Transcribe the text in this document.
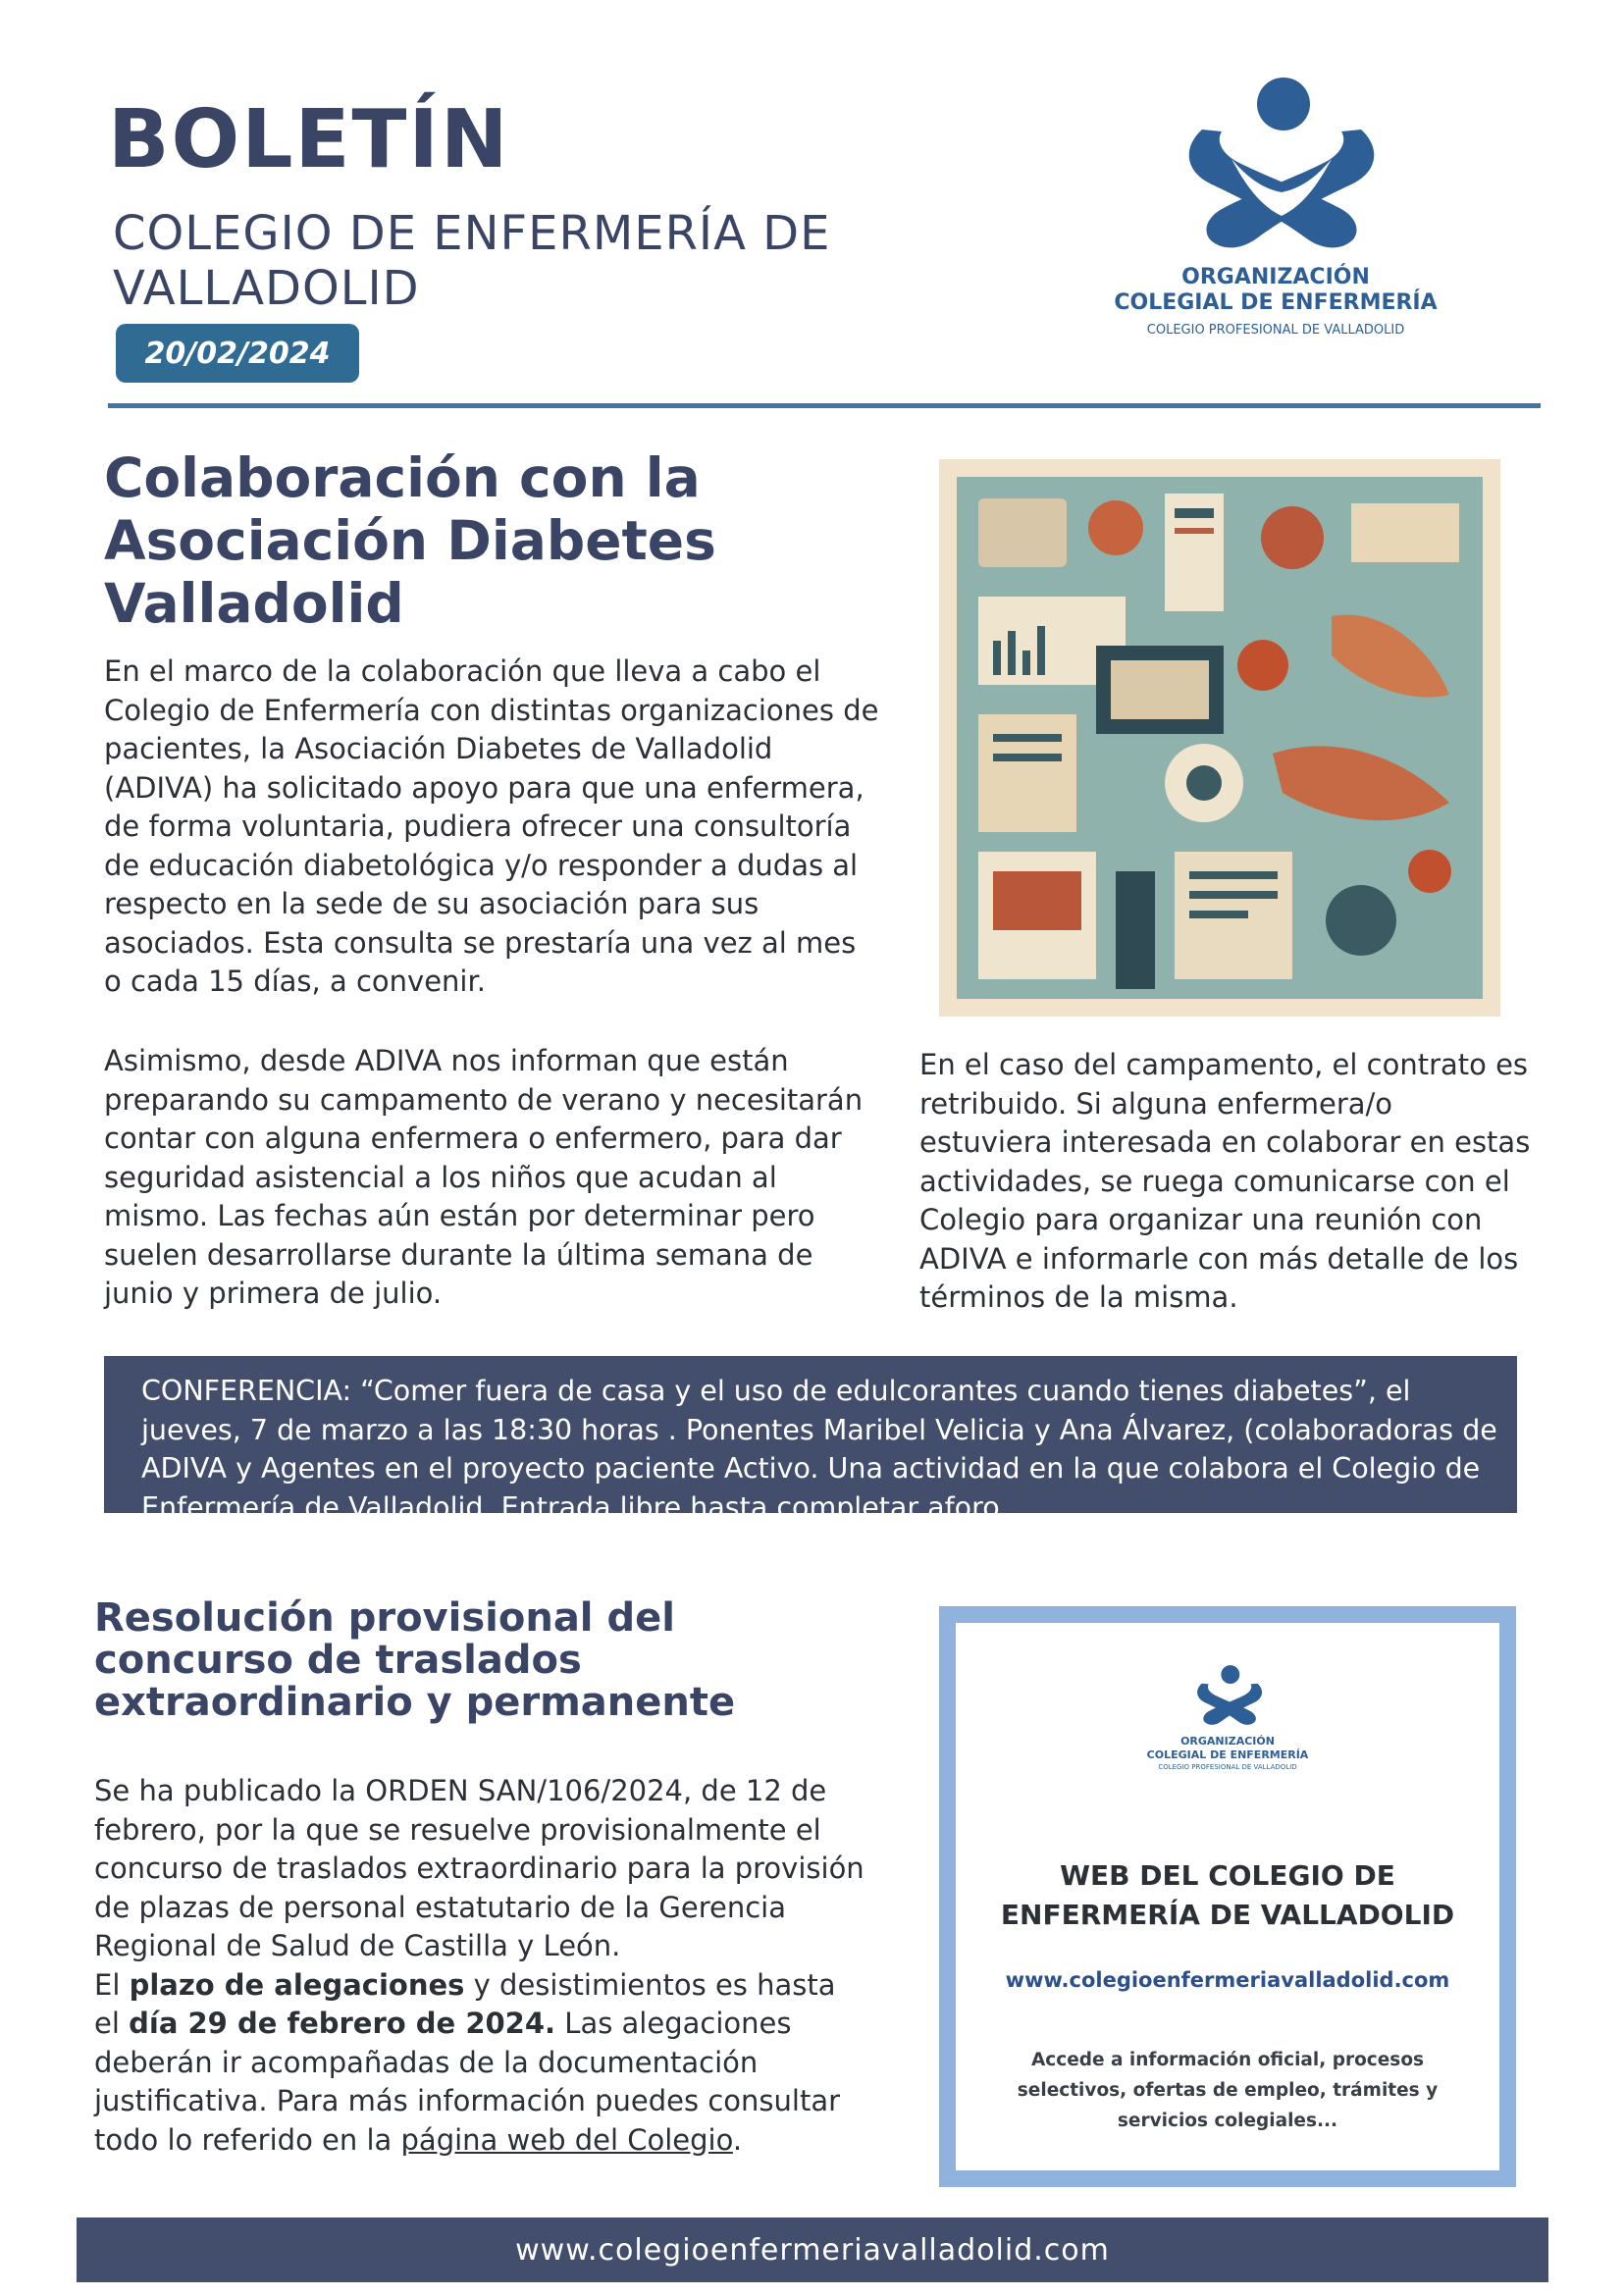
BOLETÍN

COLEGIO DE ENFERMERÍA DE VALLADOLID

20/02/2024
ORGANIZACIÓN
COLEGIAL DE ENFERMERÍA
COLEGIO PROFESIONAL DE VALLADOLID
Colaboración con la Asociación Diabetes Valladolid

En el marco de la colaboración que lleva a cabo el Colegio de Enfermería con distintas organizaciones de pacientes, la Asociación Diabetes de Valladolid (ADIVA) ha solicitado apoyo para que una enfermera, de forma voluntaria, pudiera ofrecer una consultoría de educación diabetológica y/o responder a dudas al respecto en la sede de su asociación para sus asociados. Esta consulta se prestaría una vez al mes o cada 15 días, a convenir.

Asimismo, desde ADIVA nos informan que están preparando su campamento de verano y necesitarán contar con alguna enfermera o enfermero, para dar seguridad asistencial a los niños que acudan al mismo. Las fechas aún están por determinar pero suelen desarrollarse durante la última semana de junio y primera de julio.

En el caso del campamento, el contrato es retribuido. Si alguna enfermera/o estuviera interesada en colaborar en estas actividades, se ruega comunicarse con el Colegio para organizar una reunión con ADIVA e informarle con más detalle de los términos de la misma.

CONFERENCIA: “Comer fuera de casa y el uso de edulcorantes cuando tienes diabetes”, el jueves, 7 de marzo a las 18:30 horas . Ponentes Maribel Velicia y Ana Álvarez, (colaboradoras de ADIVA y Agentes en el proyecto paciente Activo. Una actividad en la que colabora el Colegio de Enfermería de Valladolid. Entrada libre hasta completar aforo.

Resolución provisional del concurso de traslados extraordinario y permanente

Se ha publicado la ORDEN SAN/106/2024, de 12 de febrero, por la que se resuelve provisionalmente el concurso de traslados extraordinario para la provisión de plazas de personal estatutario de la Gerencia Regional de Salud de Castilla y León.
El plazo de alegaciones y desistimientos es hasta el día 29 de febrero de 2024. Las alegaciones deberán ir acompañadas de la documentación justificativa. Para más información puedes consultar todo lo referido en la página web del Colegio.

ORGANIZACIÓN
COLEGIAL DE ENFERMERÍA
COLEGIO PROFESIONAL DE VALLADOLID
WEB DEL COLEGIO DE
ENFERMERÍA DE VALLADOLID
www.colegioenfermeriavalladolid.com
Accede a información oficial, procesos selectivos, ofertas de empleo, trámites y servicios colegiales...
www.colegioenfermeriavalladolid.com
